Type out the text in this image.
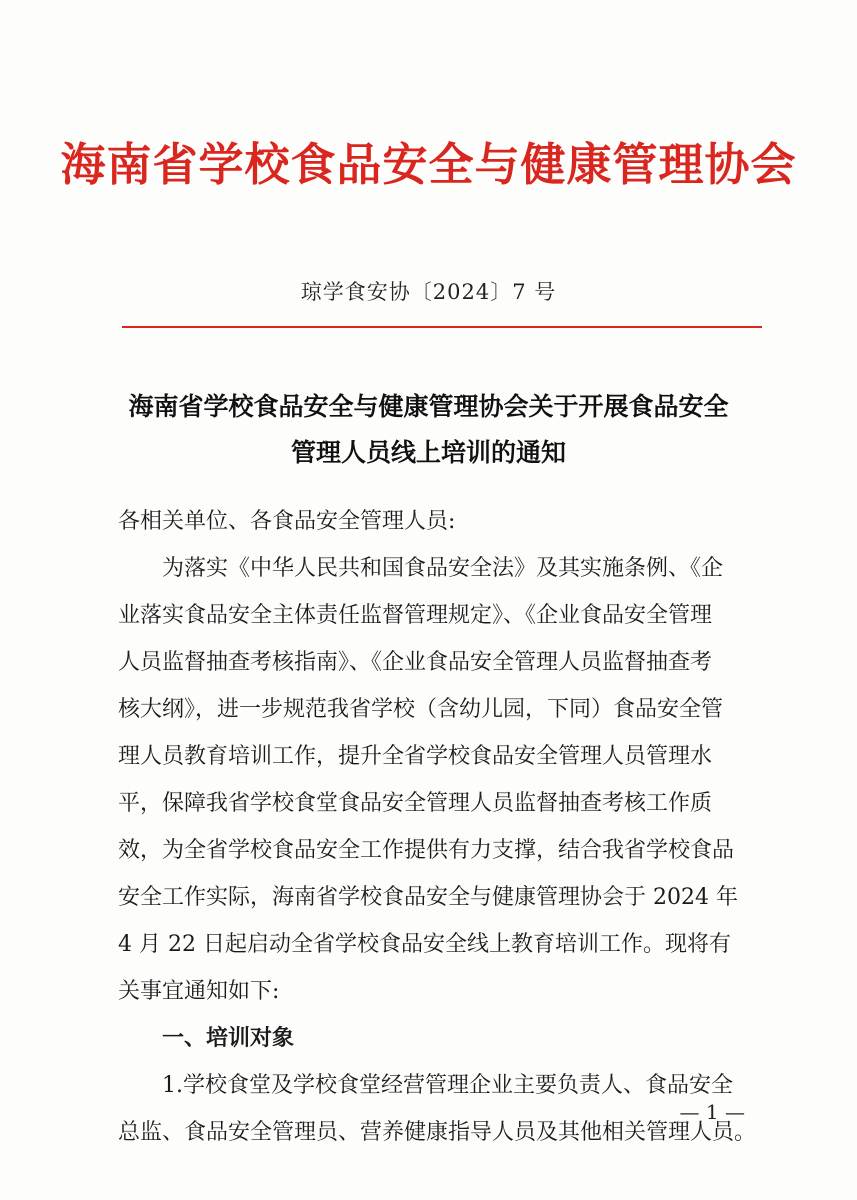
海南省学校食品安全与健康管理协会
琼学食安协〔2024〕7 号
海南省学校食品安全与健康管理协会关于开展食品安全
管理人员线上培训的通知
各相关单位、各食品安全管理人员:
　　为落实《中华人民共和国食品安全法》及其实施条例、《企
业落实食品安全主体责任监督管理规定》、《企业食品安全管理
人员监督抽查考核指南》、《企业食品安全管理人员监督抽查考
核大纲》，进一步规范我省学校（含幼儿园，下同）食品安全管
理人员教育培训工作，提升全省学校食品安全管理人员管理水
平，保障我省学校食堂食品安全管理人员监督抽查考核工作质
效，为全省学校食品安全工作提供有力支撑，结合我省学校食品
安全工作实际，海南省学校食品安全与健康管理协会于 2024 年
4 月 22 日起启动全省学校食品安全线上教育培训工作。现将有
关事宜通知如下:
　　一、培训对象
　　1.学校食堂及学校食堂经营管理企业主要负责人、食品安全
总监、食品安全管理员、营养健康指导人员及其他相关管理人员。
— 1 —
